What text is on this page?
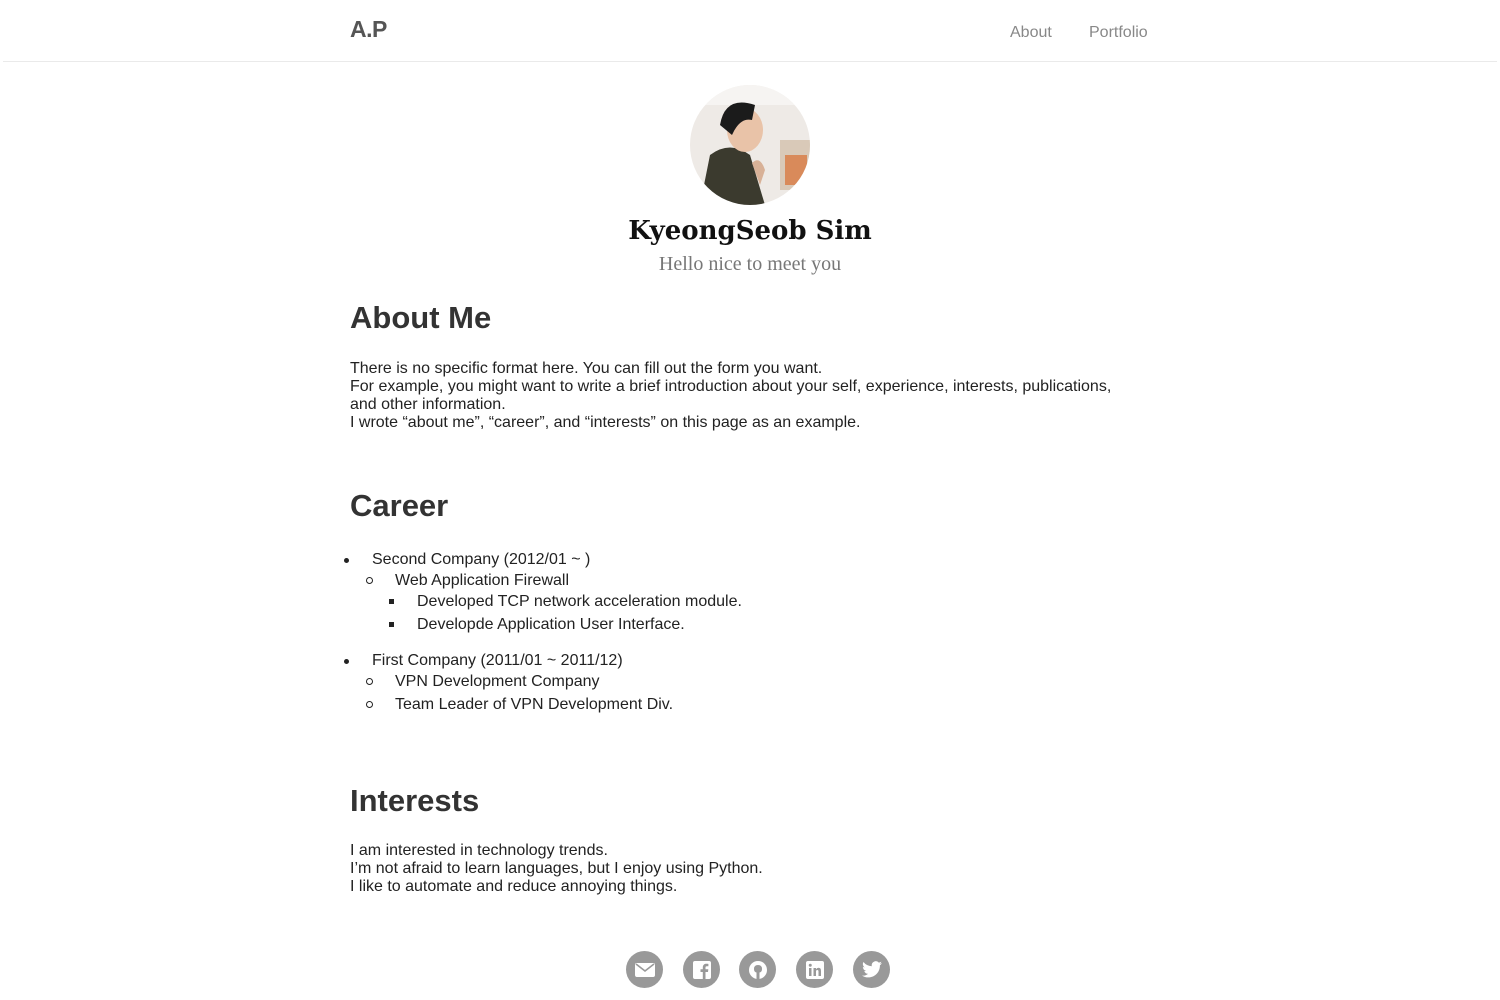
A.P	About Portfolio
KyeongSeob Sim
Hello nice to meet you
About Me
There is no specific format here. You can fill out the form you want.
For example, you might want to write a brief introduction about your self, experience, interests, publications,
and other information.
I wrote “about me”, “career”, and “interests” on this page as an example.
Career
Second Company (2012/01 ~ )
Web Application Firewall
Developed TCP network acceleration module.
Developde Application User Interface.
First Company (2011/01 ~ 2011/12)
VPN Development Company
Team Leader of VPN Development Div.
Interests
I am interested in technology trends.
I’m not afraid to learn languages, but I enjoy using Python.
I like to automate and reduce annoying things.
